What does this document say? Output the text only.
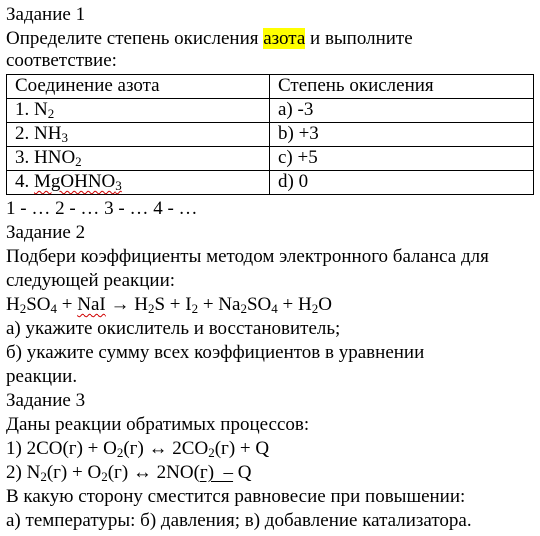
Задание 1
Определите степень окисления азота и выполните
соответствие:
Соединение азота	Степень окисления
1. $N_2$	a) -3
2. $NH_3$	b) +3
3. $HNO_2$	c) +5
4. MgOHNO$_3$	d) 0
1 - … 2 - … 3 - … 4 - …
Задание 2
Подбери коэффициенты методом электронного баланса для
следующей реакции:
$H_2SO_4$ + NaI → $H_2S + I_2 + Na_2SO_4 + H_2O$
а) укажите окислитель и восстановитель;
б) укажите сумму всех коэффициентов в уравнении
реакции.
Задание 3
Даны реакции обратимых процессов:
1) $2CO(г) + O_2(г)$ ↔ $2CO_2(г) + Q$
2) $N_2(г) + O_2(г)$ ↔ 2NO(г)  – Q
В какую сторону сместится равновесие при повышении:
а) температуры: б) давления; в) добавление катализатора.
